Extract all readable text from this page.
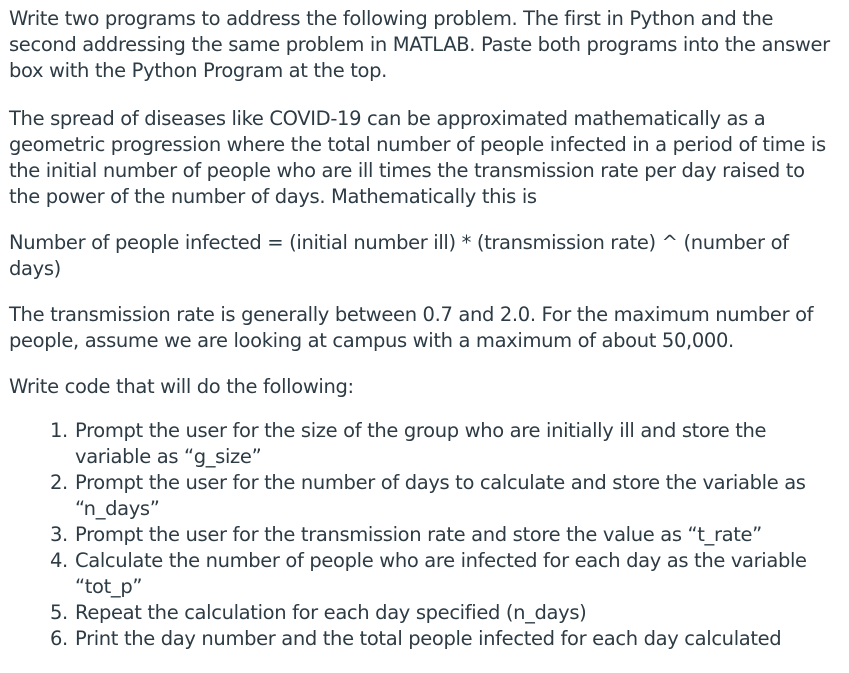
Write two programs to address the following problem. The first in Python and the second addressing the same problem in MATLAB. Paste both programs into the answer box with the Python Program at the top.

The spread of diseases like COVID-19 can be approximated mathematically as a geometric progression where the total number of people infected in a period of time is the initial number of people who are ill times the transmission rate per day raised to the power of the number of days. Mathematically this is

Number of people infected = (initial number ill) * (transmission rate) ^ (number of days)

The transmission rate is generally between 0.7 and 2.0. For the maximum number of people, assume we are looking at campus with a maximum of about 50,000.

Write code that will do the following:

1. Prompt the user for the size of the group who are initially ill and store the variable as “g_size”
2. Prompt the user for the number of days to calculate and store the variable as “n_days”
3. Prompt the user for the transmission rate and store the value as “t_rate”
4. Calculate the number of people who are infected for each day as the variable “tot_p”
5. Repeat the calculation for each day specified (n_days)
6. Print the day number and the total people infected for each day calculated
